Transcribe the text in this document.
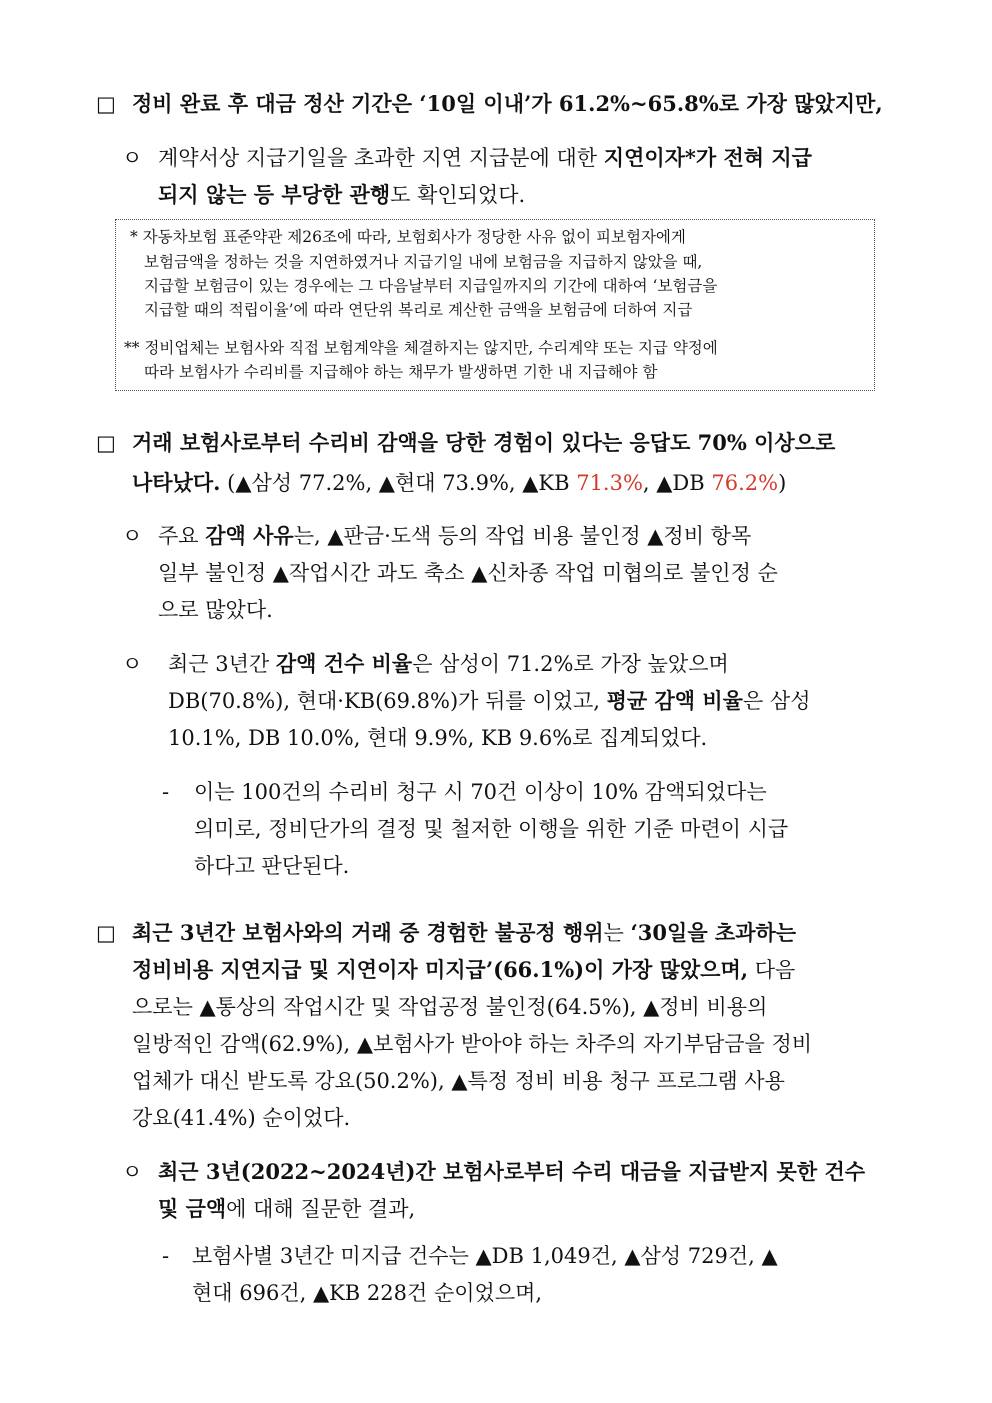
□ 정비 완료 후 대금 정산 기간은 ‘10일 이내’가 61.2%~65.8%로 가장 많았지만,
ㅇ 계약서상 지급기일을 초과한 지연 지급분에 대한 지연이자*가 전혀 지급
되지 않는 등 부당한 관행도 확인되었다.
* 자동차보험 표준약관 제26조에 따라, 보험회사가 정당한 사유 없이 피보험자에게
보험금액을 정하는 것을 지연하였거나 지급기일 내에 보험금을 지급하지 않았을 때,
지급할 보험금이 있는 경우에는 그 다음날부터 지급일까지의 기간에 대하여 ‘보험금을
지급할 때의 적립이율’에 따라 연단위 복리로 계산한 금액을 보험금에 더하여 지급
** 정비업체는 보험사와 직접 보험계약을 체결하지는 않지만, 수리계약 또는 지급 약정에
따라 보험사가 수리비를 지급해야 하는 채무가 발생하면 기한 내 지급해야 함
□ 거래 보험사로부터 수리비 감액을 당한 경험이 있다는 응답도 70% 이상으로
나타났다. (▲삼성 77.2%, ▲현대 73.9%, ▲KB 71.3%, ▲DB 76.2%)
ㅇ 주요 감액 사유는, ▲판금·도색 등의 작업 비용 불인정 ▲정비 항목
일부 불인정 ▲작업시간 과도 축소 ▲신차종 작업 미협의로 불인정 순
으로 많았다.
ㅇ 최근 3년간 감액 건수 비율은 삼성이 71.2%로 가장 높았으며
DB(70.8%), 현대·KB(69.8%)가 뒤를 이었고, 평균 감액 비율은 삼성
10.1%, DB 10.0%, 현대 9.9%, KB 9.6%로 집계되었다.
- 이는 100건의 수리비 청구 시 70건 이상이 10% 감액되었다는
의미로, 정비단가의 결정 및 철저한 이행을 위한 기준 마련이 시급
하다고 판단된다.
□ 최근 3년간 보험사와의 거래 중 경험한 불공정 행위는 ‘30일을 초과하는
정비비용 지연지급 및 지연이자 미지급’(66.1%)이 가장 많았으며, 다음
으로는 ▲통상의 작업시간 및 작업공정 불인정(64.5%), ▲정비 비용의
일방적인 감액(62.9%), ▲보험사가 받아야 하는 차주의 자기부담금을 정비
업체가 대신 받도록 강요(50.2%), ▲특정 정비 비용 청구 프로그램 사용
강요(41.4%) 순이었다.
ㅇ 최근 3년(2022~2024년)간 보험사로부터 수리 대금을 지급받지 못한 건수
및 금액에 대해 질문한 결과,
- 보험사별 3년간 미지급 건수는 ▲DB 1,049건, ▲삼성 729건, ▲
현대 696건, ▲KB 228건 순이었으며,
